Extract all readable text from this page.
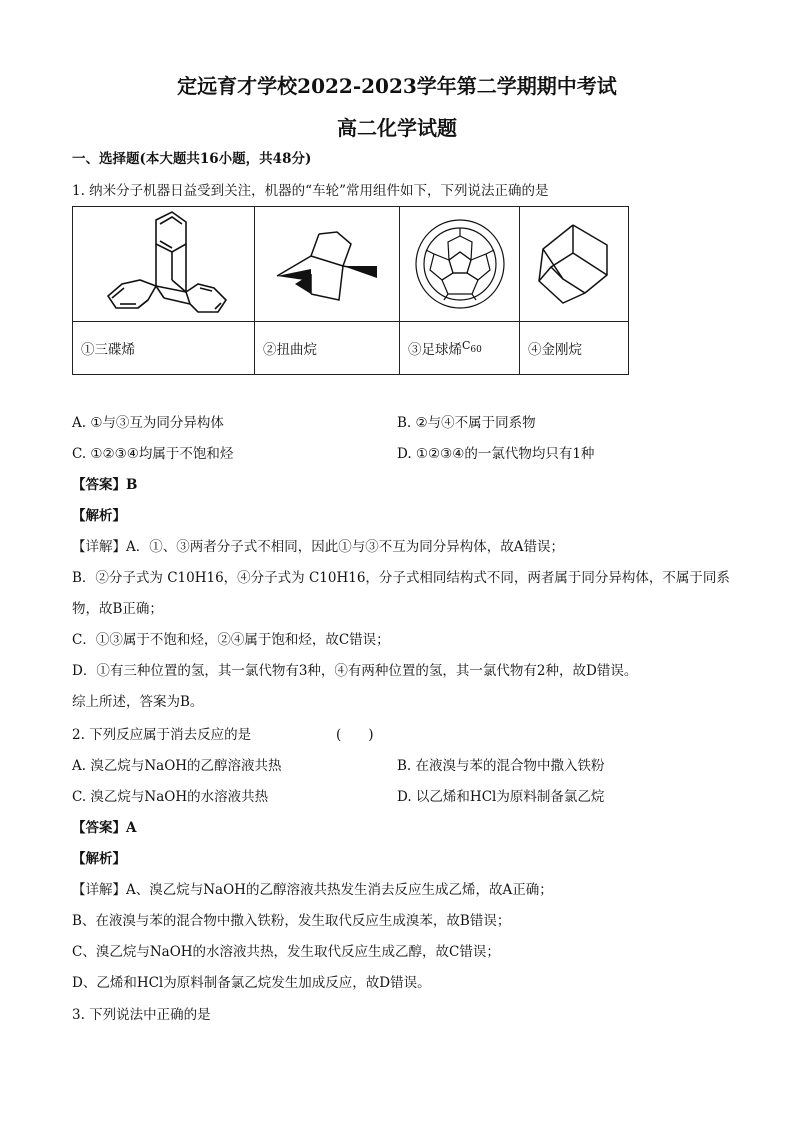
定远育才学校2022-2023学年第二学期期中考试
高二化学试题
一、选择题(本大题共16小题，共48分)
1. 纳米分子机器日益受到关注，机器的“车轮”常用组件如下，下列说法正确的是

①三碟烯	②扭曲烷	③足球烯$^{C_{60}}$	④金刚烷
A. ①与③互为同分异构体	B. ②与④不属于同系物
C. ①②③④均属于不饱和烃	D. ①②③④的一氯代物均只有1种
【答案】B
【解析】
【详解】A．①、③两者分子式不相同，因此①与③不互为同分异构体，故A错误；
B．②分子式为 C10H16，④分子式为 C10H16，分子式相同结构式不同，两者属于同分异构体，不属于同系
物，故B正确；
C．①③属于不饱和烃，②④属于饱和烃，故C错误；
D．①有三种位置的氢，其一氯代物有3种，④有两种位置的氢，其一氯代物有2种，故D错误。
综上所述，答案为B。
2. 下列反应属于消去反应的是	(　　)
A. 溴乙烷与NaOH的乙醇溶液共热	B. 在液溴与苯的混合物中撒入铁粉
C. 溴乙烷与NaOH的水溶液共热	D. 以乙烯和HCl为原料制备氯乙烷
【答案】A
【解析】
【详解】A、溴乙烷与NaOH的乙醇溶液共热发生消去反应生成乙烯，故A正确；
B、在液溴与苯的混合物中撒入铁粉，发生取代反应生成溴苯，故B错误；
C、溴乙烷与NaOH的水溶液共热，发生取代反应生成乙醇，故C错误；
D、乙烯和HCl为原料制备氯乙烷发生加成反应，故D错误。
3. 下列说法中正确的是
